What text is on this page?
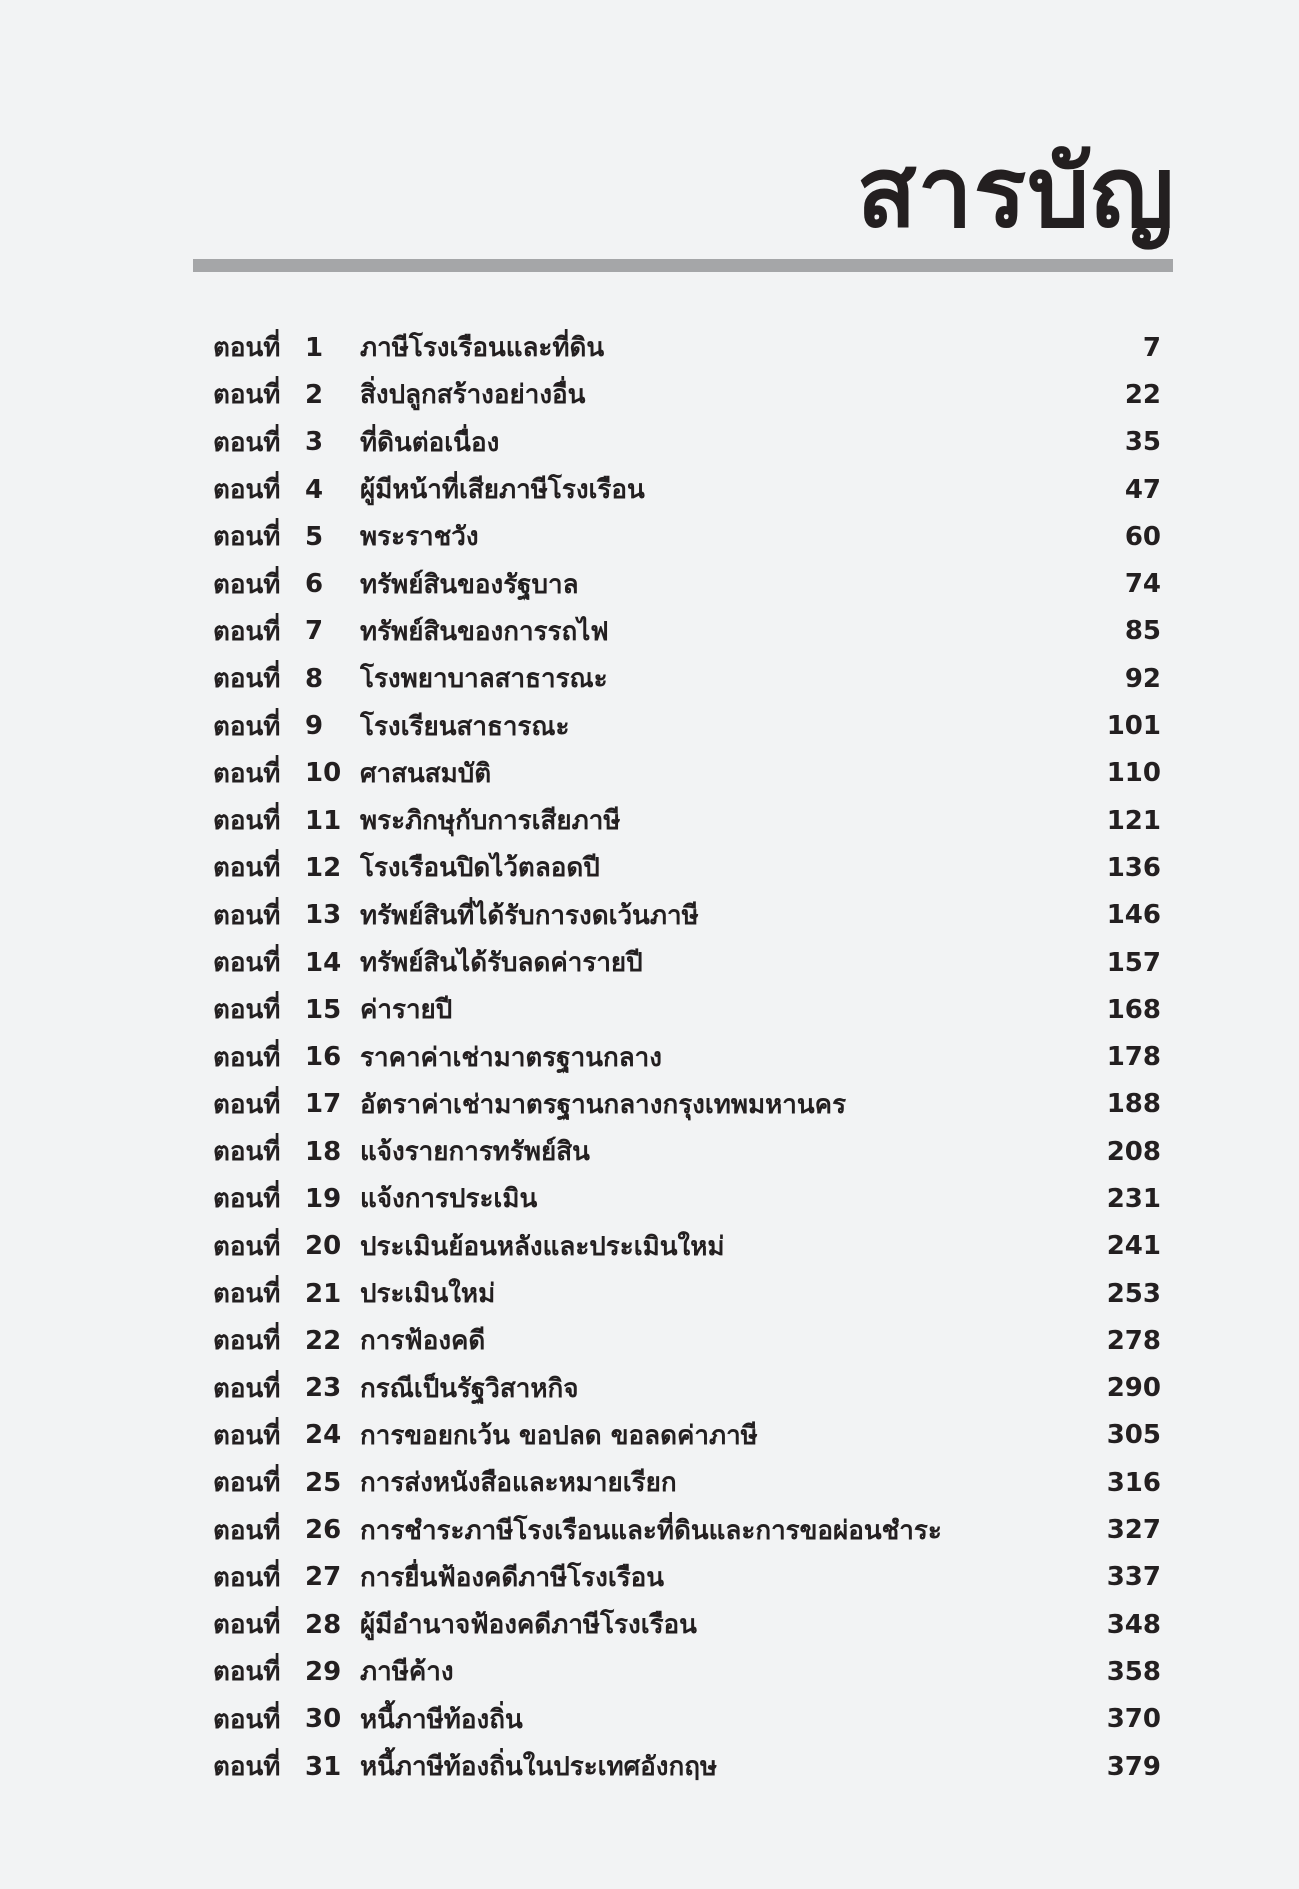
สารบัญ
ตอนที่ 1	ภาษีโรงเรือนและที่ดิน	7
ตอนที่ 2	สิ่งปลูกสร้างอย่างอื่น	22
ตอนที่ 3	ที่ดินต่อเนื่อง	35
ตอนที่ 4	ผู้มีหน้าที่เสียภาษีโรงเรือน	47
ตอนที่ 5	พระราชวัง	60
ตอนที่ 6	ทรัพย์สินของรัฐบาล	74
ตอนที่ 7	ทรัพย์สินของการรถไฟ	85
ตอนที่ 8	โรงพยาบาลสาธารณะ	92
ตอนที่ 9	โรงเรียนสาธารณะ	101
ตอนที่ 10 ศาสนสมบัติ	110
ตอนที่ 11 พระภิกษุกับการเสียภาษี	121
ตอนที่ 12 โรงเรือนปิดไว้ตลอดปี	136
ตอนที่ 13 ทรัพย์สินที่ได้รับการงดเว้นภาษี	146
ตอนที่ 14 ทรัพย์สินได้รับลดค่ารายปี	157
ตอนที่ 15 ค่ารายปี	168
ตอนที่ 16 ราคาค่าเช่ามาตรฐานกลาง	178
ตอนที่ 17 อัตราค่าเช่ามาตรฐานกลางกรุงเทพมหานคร	188
ตอนที่ 18 แจ้งรายการทรัพย์สิน	208
ตอนที่ 19 แจ้งการประเมิน	231
ตอนที่ 20 ประเมินย้อนหลังและประเมินใหม่	241
ตอนที่ 21 ประเมินใหม่	253
ตอนที่ 22 การฟ้องคดี	278
ตอนที่ 23 กรณีเป็นรัฐวิสาหกิจ	290
ตอนที่ 24 การขอยกเว้น ขอปลด ขอลดค่าภาษี	305
ตอนที่ 25 การส่งหนังสือและหมายเรียก	316
ตอนที่ 26 การชำระภาษีโรงเรือนและที่ดินและการขอผ่อนชำระ	327
ตอนที่ 27 การยื่นฟ้องคดีภาษีโรงเรือน	337
ตอนที่ 28 ผู้มีอำนาจฟ้องคดีภาษีโรงเรือน	348
ตอนที่ 29 ภาษีค้าง	358
ตอนที่ 30 หนี้ภาษีท้องถิ่น	370
ตอนที่ 31 หนี้ภาษีท้องถิ่นในประเทศอังกฤษ	379
